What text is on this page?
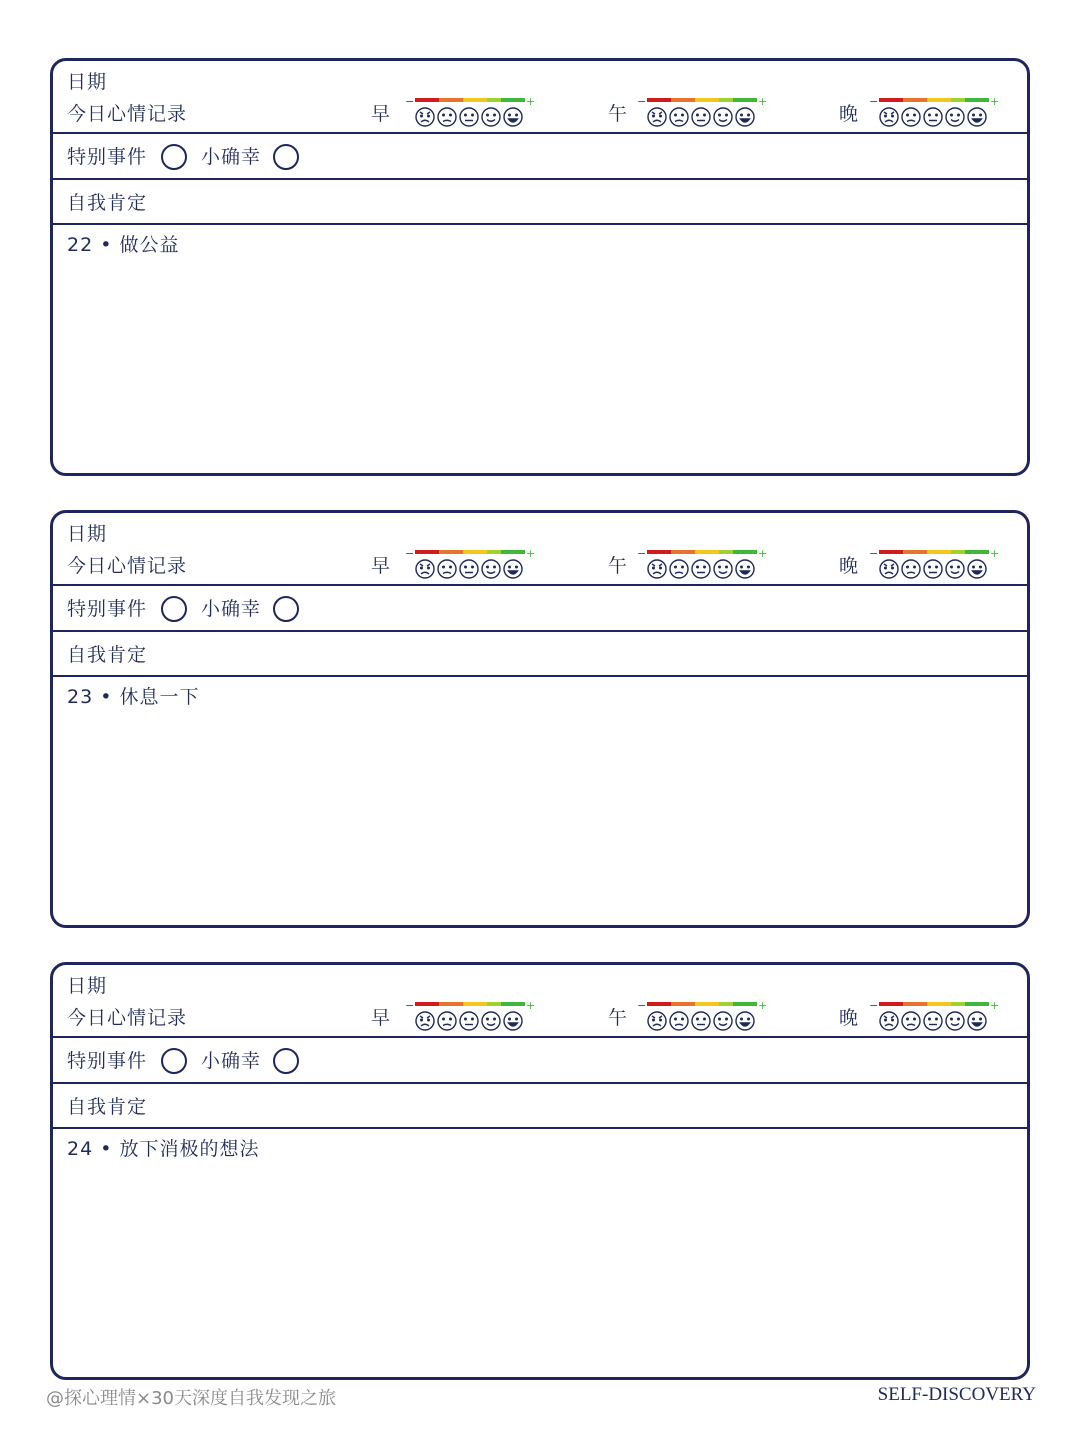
日期
今日心情记录	早
−	+
午
−	+
晚
−	+
特别事件	小确幸
自我肯定
22 • 做公益
日期
今日心情记录	早
−	+
午
−	+
晚
−	+
特别事件	小确幸
自我肯定
23 • 休息一下
日期
今日心情记录	早
−	+
午
−	+
晚
−	+
特别事件	小确幸
自我肯定
24 • 放下消极的想法
@探心理情×30天深度自我发现之旅	SELF-DISCOVERY
